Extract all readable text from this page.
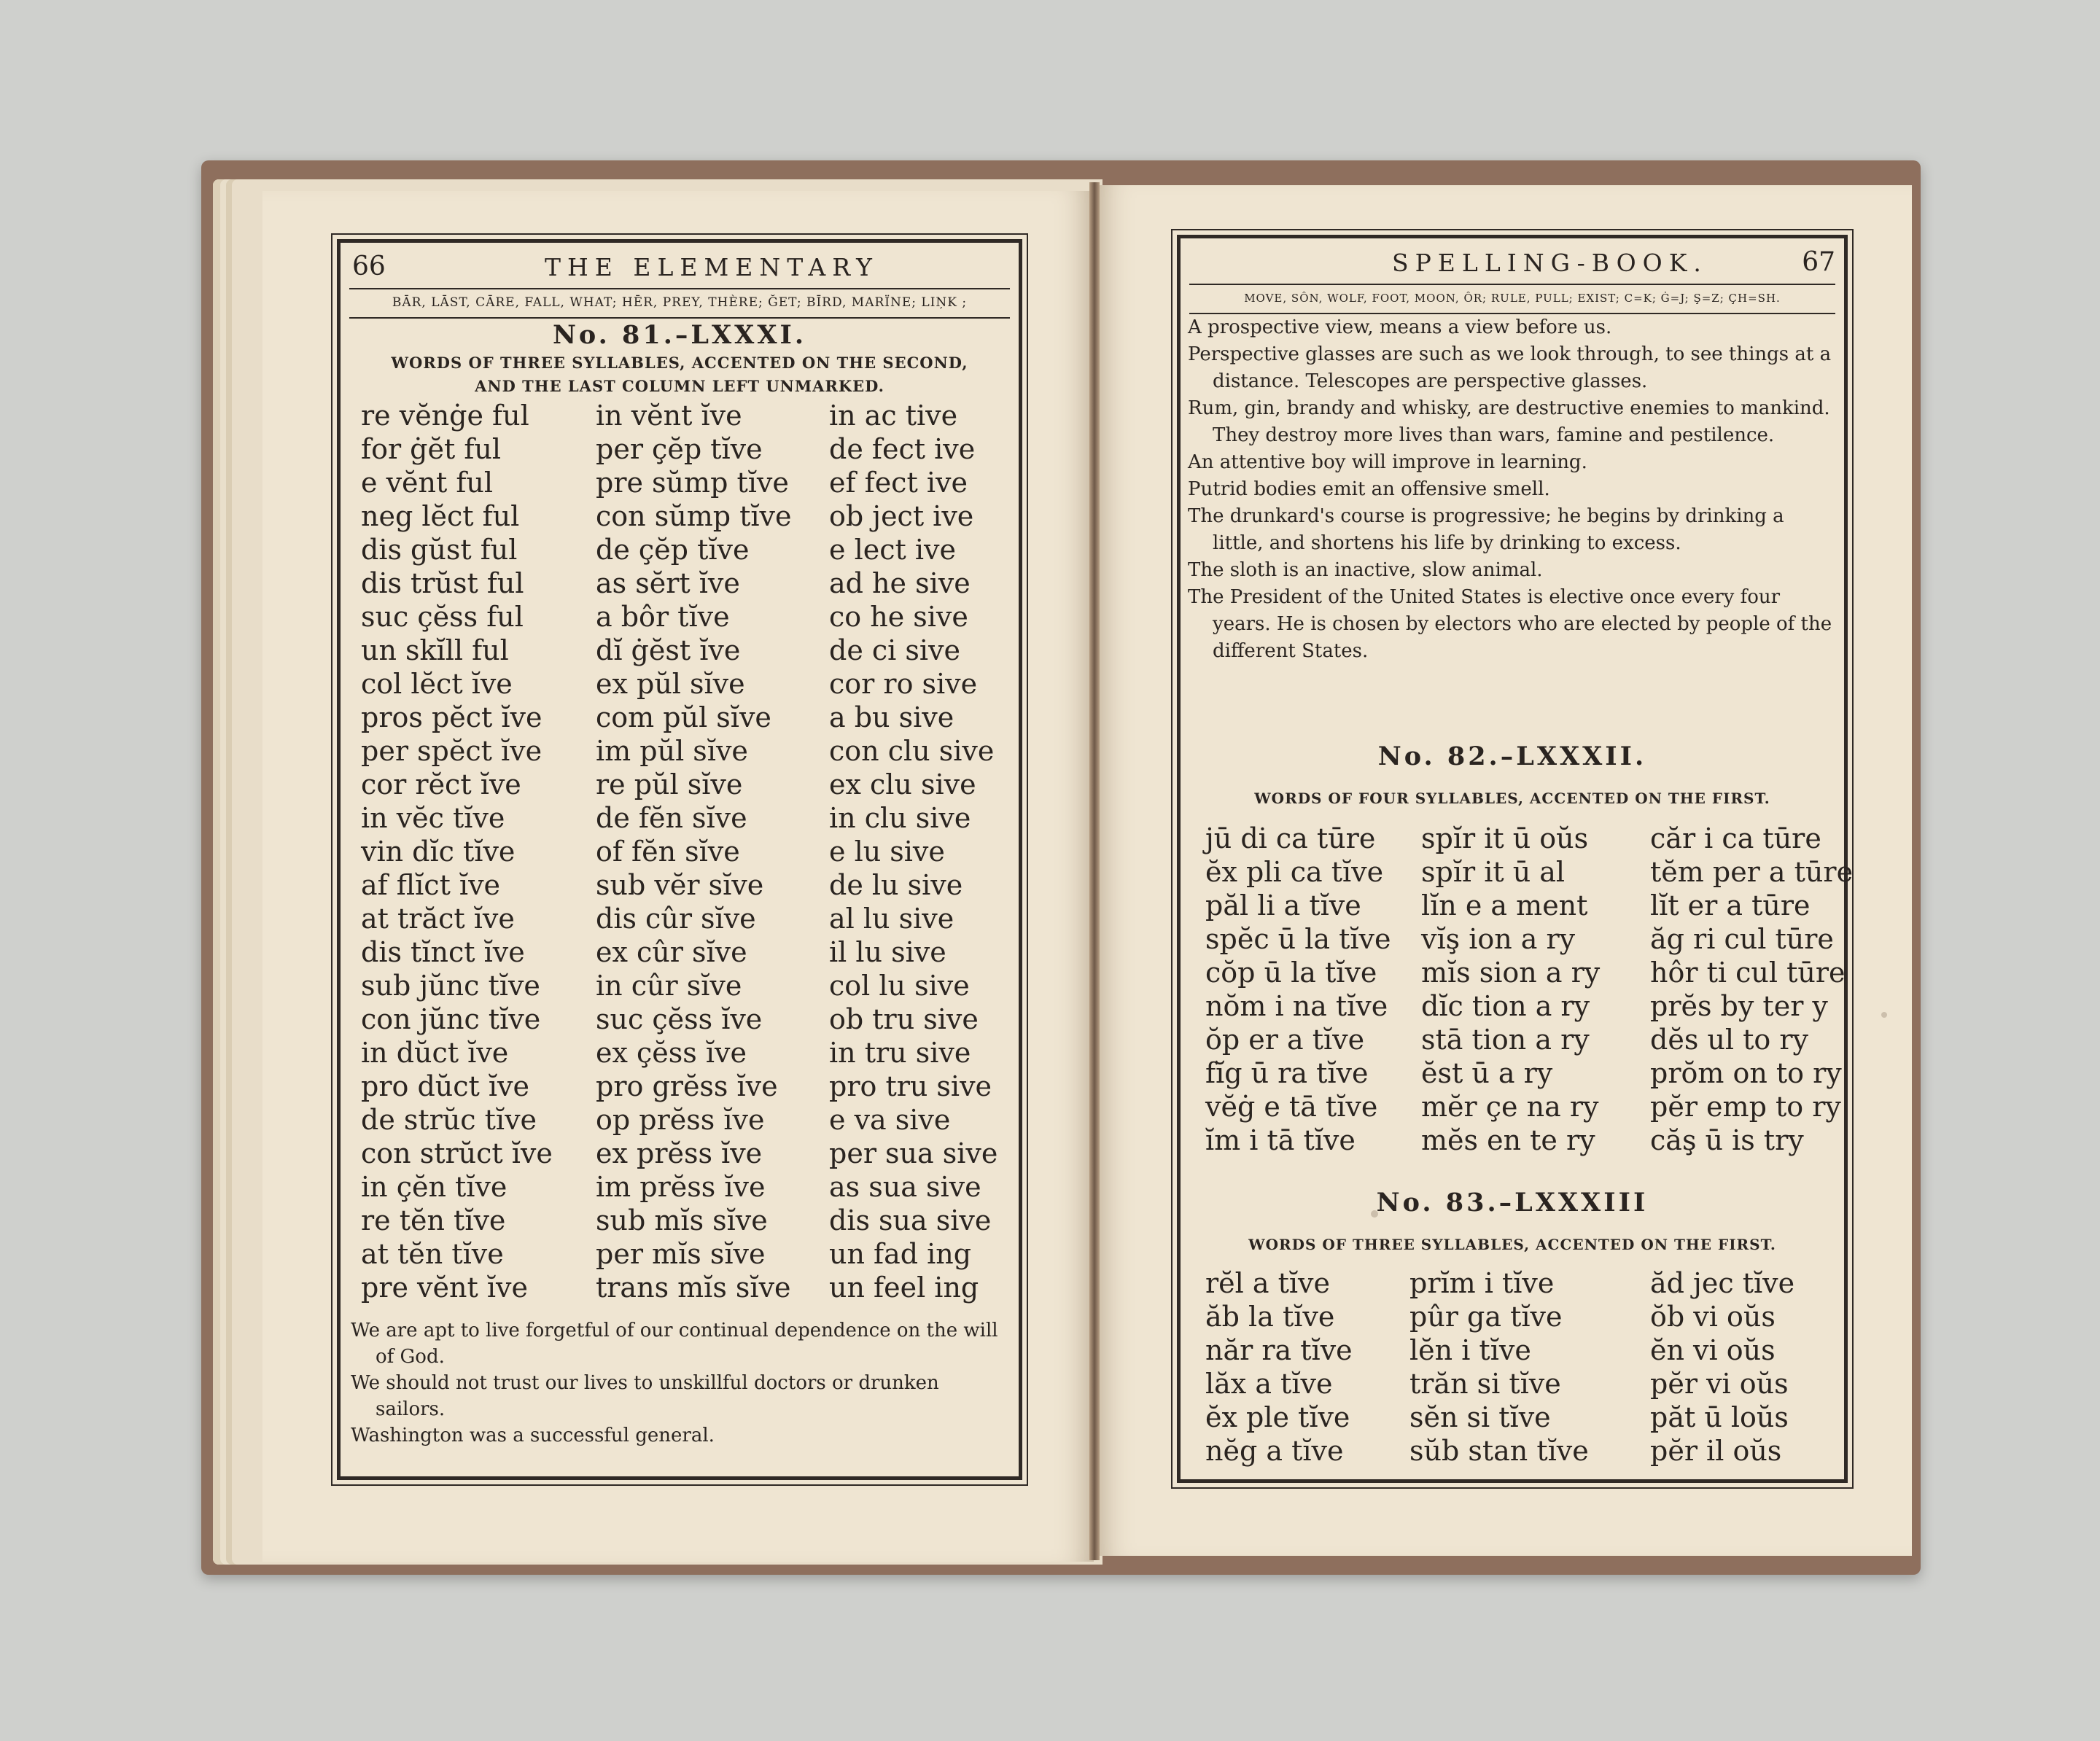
66	THE ELEMENTARY
BĀR, LĀST, CĀRE, FALL, WHAT; HĒR, PREY, THÈRE; ĞET; BĪRD, MARÏNE; LIŅK ;
No. 81.–LXXXI.
WORDS OF THREE SYLLABLES, ACCENTED ON THE SECOND,
AND THE LAST COLUMN LEFT UNMARKED.
re vĕnġe ful
for ġĕt ful
e vĕnt ful
neg lĕct ful
dis gŭst ful
dis trŭst ful
suc çĕss ful
un skĭll ful
col lĕct ĭve
pros pĕct ĭve
per spĕct ĭve
cor rĕct ĭve
in vĕc tĭve
vin dĭc tĭve
af flĭct ĭve
at trăct ĭve
dis tĭnct ĭve
sub jŭnc tĭve
con jŭnc tĭve
in dŭct ĭve
pro dŭct ĭve
de strŭc tĭve
con strŭct ĭve
in çĕn tĭve
re tĕn tĭve
at tĕn tĭve
pre vĕnt ĭve
in vĕnt ĭve
per çĕp tĭve
pre sŭmp tĭve
con sŭmp tĭve
de çĕp tĭve
as sĕrt ĭve
a bôr tĭve
dĭ ġĕst ĭve
ex pŭl sĭve
com pŭl sĭve
im pŭl sĭve
re pŭl sĭve
de fĕn sĭve
of fĕn sĭve
sub vĕr sĭve
dis cûr sĭve
ex cûr sĭve
in cûr sĭve
suc çĕss ĭve
ex çĕss ĭve
pro grĕss ĭve
op prĕss ĭve
ex prĕss ĭve
im prĕss ĭve
sub mĭs sĭve
per mĭs sĭve
trans mĭs sĭve
in ac tive
de fect ive
ef fect ive
ob ject ive
e lect ive
ad he sive
co he sive
de ci sive
cor ro sive
a bu sive
con clu sive
ex clu sive
in clu sive
e lu sive
de lu sive
al lu sive
il lu sive
col lu sive
ob tru sive
in tru sive
pro tru sive
e va sive
per sua sive
as sua sive
dis sua sive
un fad ing
un feel ing

We are apt to live forgetful of our continual dependence on the will of God.

We should not trust our lives to unskillful doctors or drunken sailors.

Washington was a successful general.

SPELLING-BOOK.	67
MOVE, SÔN, WOLF, FOOT, MOON, ÔR; RULE, PULL; EXIST; C=K; Ġ=J; Ş=Z; ÇH=SH.

A prospective view, means a view before us.

Perspective glasses are such as we look through, to see things at a distance. Telescopes are perspective glasses.

Rum, gin, brandy and whisky, are destructive enemies to mankind. They destroy more lives than wars, famine and pestilence.

An attentive boy will improve in learning.

Putrid bodies emit an offensive smell.

The drunkard's course is progressive; he begins by drinking a little, and shortens his life by drinking to excess.

The sloth is an inactive, slow animal.

The President of the United States is elective once every four years. He is chosen by electors who are elected by people of the different States.

No. 82.–LXXXII.
WORDS OF FOUR SYLLABLES, ACCENTED ON THE FIRST.
jū di ca tūre
ĕx pli ca tĭve
păl li a tĭve
spĕc ū la tĭve
cŏp ū la tĭve
nŏm i na tĭve
ŏp er a tĭve
fĭg ū ra tĭve
vĕġ e tā tĭve
ĭm i tā tĭve
spĭr it ū oŭs
spĭr it ū al
lĭn e a ment
vĭş ion a ry
mĭs sion a ry
dĭc tion a ry
stā tion a ry
ĕst ū a ry
mĕr çe na ry
mĕs en te ry
căr i ca tūre
tĕm per a tūre
lĭt er a tūre
ăg ri cul tūre
hôr ti cul tūre
prĕs by ter y
dĕs ul to ry
prŏm on to ry
pĕr emp to ry
căş ū is try
No. 83.–LXXXIII
WORDS OF THREE SYLLABLES, ACCENTED ON THE FIRST.
rĕl a tĭve
ăb la tĭve
năr ra tĭve
lăx a tĭve
ĕx ple tĭve
nĕg a tĭve
prĭm i tĭve
pûr ga tĭve
lĕn i tĭve
trăn si tĭve
sĕn si tĭve
sŭb stan tĭve
ăd jec tĭve
ŏb vi oŭs
ĕn vi oŭs
pĕr vi oŭs
păt ū loŭs
pĕr il oŭs
